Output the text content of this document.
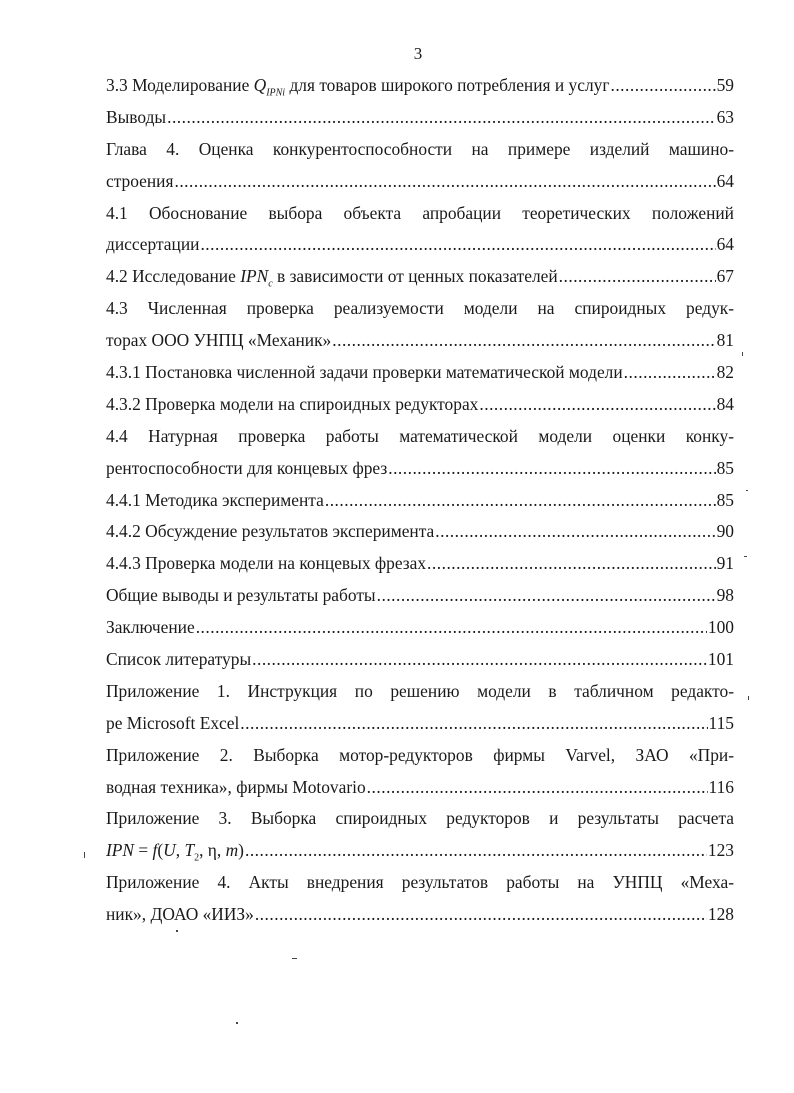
3
3.3 Моделирование $Q_{IPNi}$ для товаров широкого потребления и услуг .....	59
Выводы .....	63
Глава 4. Оценка конкурентоспособности на примере изделий машино-
строения .....	64
4.1 Обоснование выбора объекта апробации теоретических положений
диссертации .....	64
4.2 Исследование $IPN_c$ в зависимости от ценных показателей .....	67
4.3 Численная проверка реализуемости модели на спироидных редук-
торах ООО УНПЦ «Механик» .....	81
4.3.1 Постановка численной задачи проверки математической модели .....	82
4.3.2 Проверка модели на спироидных редукторах .....	84
4.4 Натурная проверка работы математической модели оценки конку-
рентоспособности для концевых фрез .....	85
4.4.1 Методика эксперимента .....	85
4.4.2 Обсуждение результатов эксперимента .....	90
4.4.3 Проверка модели на концевых фрезах .....	91
Общие выводы и результаты работы .....	98
Заключение .....	100
Список литературы .....	101
Приложение 1. Инструкция по решению модели в табличном редакто-
ре Microsoft Excel .....	115
Приложение 2. Выборка мотор-редукторов фирмы Varvel, ЗАО «При-
водная техника», фирмы Motovario .....	116
Приложение 3. Выборка спироидных редукторов и результаты расчета
IPN = f(U, $T_2$, η, m) .....	123
Приложение 4. Акты внедрения результатов работы на УНПЦ «Меха-
ник», ДОАО «ИИЗ» .....	128
